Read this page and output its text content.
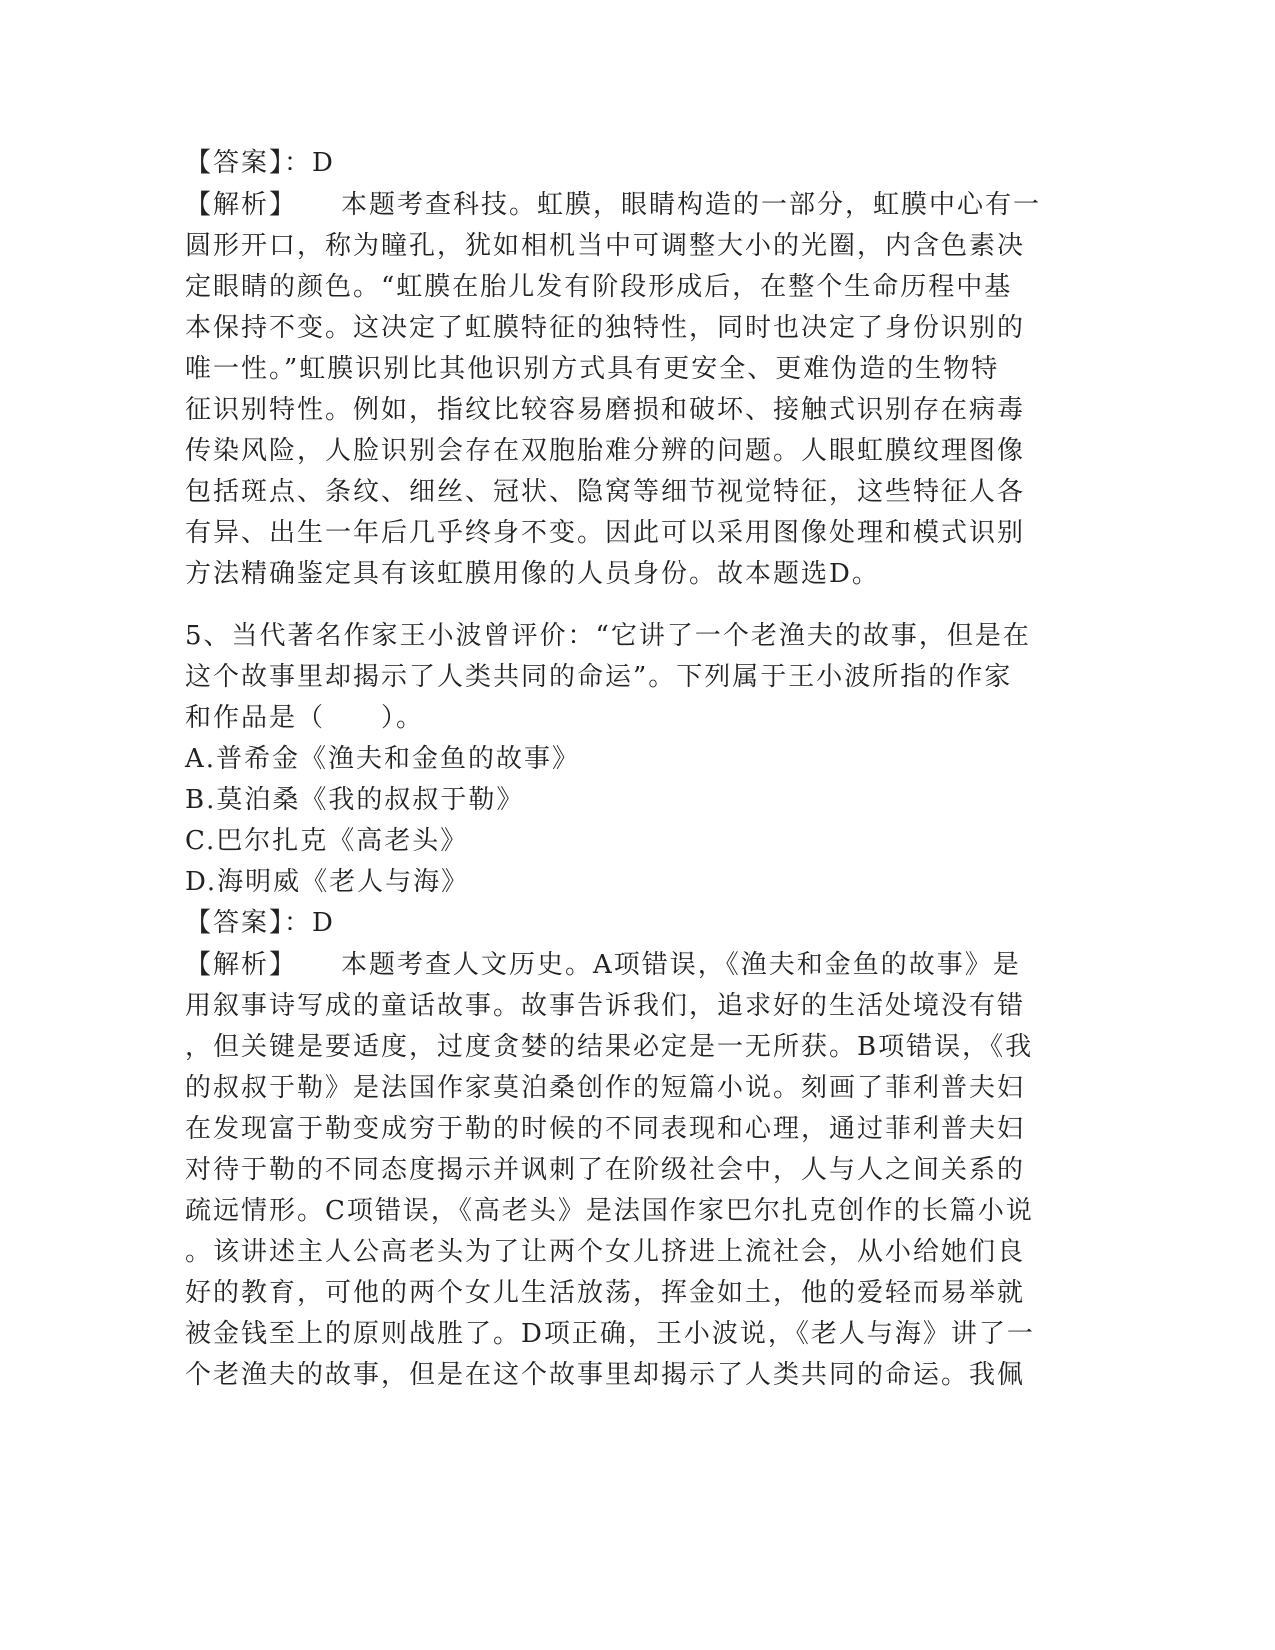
【答案】：D
【解析】 本题考查科技。虹膜，眼睛构造的一部分，虹膜中心有一
圆形开口，称为瞳孔，犹如相机当中可调整大小的光圈，内含色素决
定眼睛的颜色。“虹膜在胎儿发有阶段形成后，在整个生命历程中基
本保持不变。这决定了虹膜特征的独特性，同时也决定了身份识别的
唯一性。”虹膜识别比其他识别方式具有更安全、更难伪造的生物特
征识别特性。例如，指纹比较容易磨损和破坏、接触式识别存在病毒
传染风险，人脸识别会存在双胞胎难分辨的问题。人眼虹膜纹理图像
包括斑点、条纹、细丝、冠状、隐窝等细节视觉特征，这些特征人各
有异、出生一年后几乎终身不变。因此可以采用图像处理和模式识别
方法精确鉴定具有该虹膜用像的人员身份。故本题选D。
5、当代著名作家王小波曾评价：“它讲了一个老渔夫的故事，但是在
这个故事里却揭示了人类共同的命运”。下列属于王小波所指的作家
和作品是（　　）。
A.普希金《渔夫和金鱼的故事》
B.莫泊桑《我的叔叔于勒》
C.巴尔扎克《高老头》
D.海明威《老人与海》
【答案】：D
【解析】 本题考查人文历史。A项错误，《渔夫和金鱼的故事》是
用叙事诗写成的童话故事。故事告诉我们，追求好的生活处境没有错
，但关键是要适度，过度贪婪的结果必定是一无所获。B项错误，《我
的叔叔于勒》是法国作家莫泊桑创作的短篇小说。刻画了菲利普夫妇
在发现富于勒变成穷于勒的时候的不同表现和心理，通过菲利普夫妇
对待于勒的不同态度揭示并讽刺了在阶级社会中，人与人之间关系的
疏远情形。C项错误，《高老头》是法国作家巴尔扎克创作的长篇小说
。该讲述主人公高老头为了让两个女儿挤进上流社会，从小给她们良
好的教育，可他的两个女儿生活放荡，挥金如土，他的爱轻而易举就
被金钱至上的原则战胜了。D项正确，王小波说，《老人与海》讲了一
个老渔夫的故事，但是在这个故事里却揭示了人类共同的命运。我佩
